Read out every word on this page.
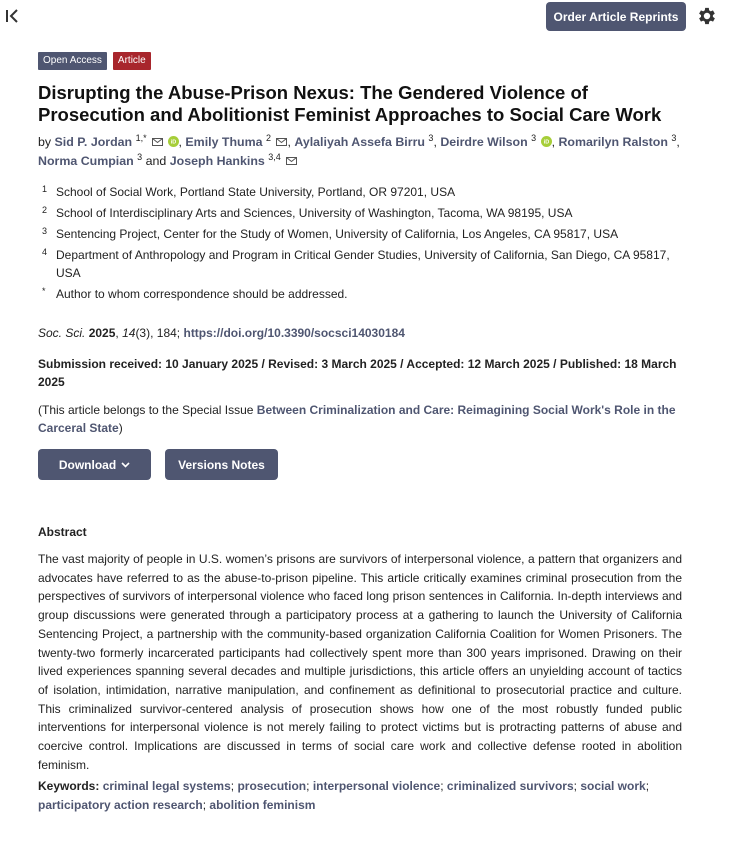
Order Article Reprints
Open Access	Article
Disrupting the Abuse-Prison Nexus: The Gendered Violence of Prosecution and Abolitionist Feminist Approaches to Social Care Work
by Sid P. Jordan $^{1,*}$	iD , Emily Thuma $^2$ , Aylaliyah Assefa Birru $^3$, Deirdre Wilson $^3$ iD , Romarilyn Ralston $^3$, Norma Cumpian $^3$ and Joseph Hankins $^{3,4}$
1 School of Social Work, Portland State University, Portland, OR 97201, USA
2 School of Interdisciplinary Arts and Sciences, University of Washington, Tacoma, WA 98195, USA
3 Sentencing Project, Center for the Study of Women, University of California, Los Angeles, CA 95817, USA
4 Department of Anthropology and Program in Critical Gender Studies, University of California, San Diego, CA 95817, USA
* Author to whom correspondence should be addressed.
Soc. Sci. 2025, 14(3), 184; https://doi.org/10.3390/socsci14030184
Submission received: 10 January 2025 / Revised: 3 March 2025 / Accepted: 12 March 2025 / Published: 18 March 2025
(This article belongs to the Special Issue Between Criminalization and Care: Reimagining Social Work's Role in the Carceral State)
Download	Versions Notes
Abstract
The vast majority of people in U.S. women’s prisons are survivors of interpersonal violence, a pattern that organizers and advocates have referred to as the abuse-to-prison pipeline. This article critically examines criminal prosecution from the perspectives of survivors of interpersonal violence who faced long prison sentences in California. In-depth interviews and group discussions were generated through a participatory process at a gathering to launch the University of California Sentencing Project, a partnership with the community-based organization California Coalition for Women Prisoners. The twenty-two formerly incarcerated participants had collectively spent more than 300 years imprisoned. Drawing on their lived experiences spanning several decades and multiple jurisdictions, this article offers an unyielding account of tactics of isolation, intimidation, narrative manipulation, and confinement as definitional to prosecutorial practice and culture. This criminalized survivor-centered analysis of prosecution shows how one of the most robustly funded public interventions for interpersonal violence is not merely failing to protect victims but is protracting patterns of abuse and coercive control. Implications are discussed in terms of social care work and collective defense rooted in abolition feminism.
Keywords: criminal legal systems; prosecution; interpersonal violence; criminalized survivors; social work; participatory action research; abolition feminism
